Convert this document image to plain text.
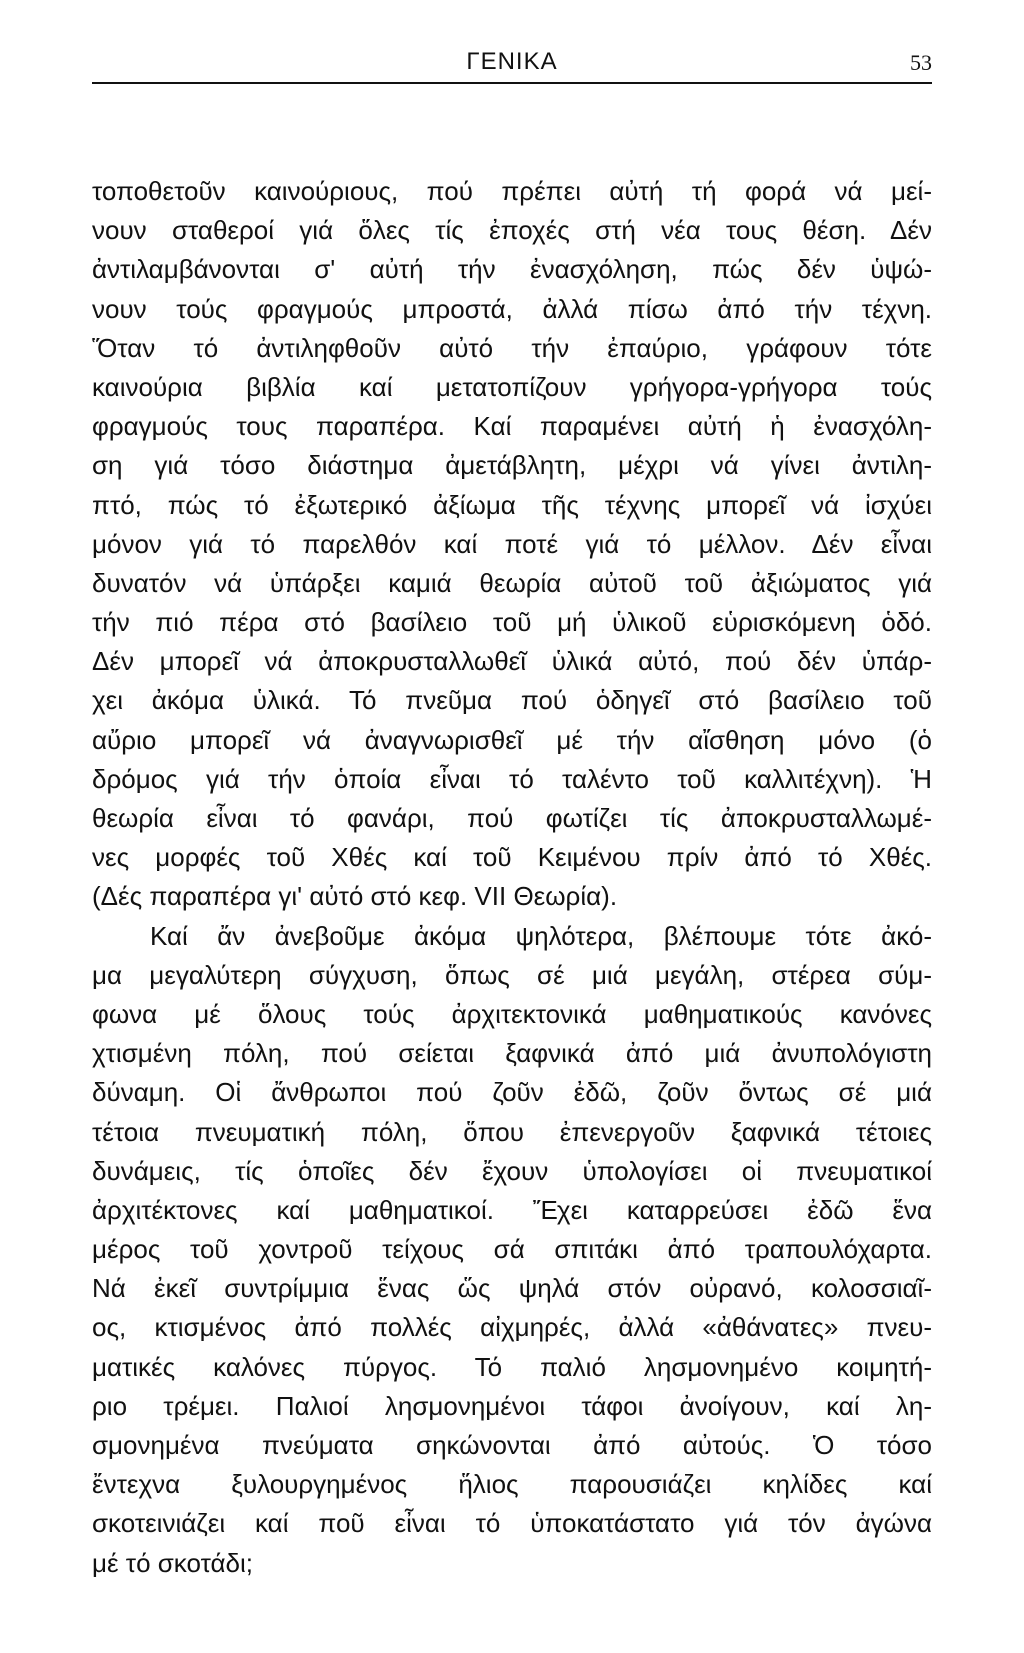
ΓΕΝΙΚΑ	53
τοποθετοῦν καινούριους, πού πρέπει αὐτή τή φορά νά μεί-
νουν σταθεροί γιά ὅλες τίς ἐποχές στή νέα τους θέση. Δέν
ἀντιλαμβάνονται σ' αὐτή τήν ἐνασχόληση, πώς δέν ὑψώ-
νουν τούς φραγμούς μπροστά, ἀλλά πίσω ἀπό τήν τέχνη.
Ὅταν τό ἀντιληφθοῦν αὐτό τήν ἐπαύριο, γράφουν τότε
καινούρια βιβλία καί μετατοπίζουν γρήγορα-γρήγορα τούς
φραγμούς τους παραπέρα. Καί παραμένει αὐτή ἡ ἐνασχόλη-
ση γιά τόσο διάστημα ἀμετάβλητη, μέχρι νά γίνει ἀντιλη-
πτό, πώς τό ἐξωτερικό ἀξίωμα τῆς τέχνης μπορεῖ νά ἰσχύει
μόνον γιά τό παρελθόν καί ποτέ γιά τό μέλλον. Δέν εἶναι
δυνατόν νά ὑπάρξει καμιά θεωρία αὐτοῦ τοῦ ἀξιώματος γιά
τήν πιό πέρα στό βασίλειο τοῦ μή ὑλικοῦ εὑρισκόμενη ὁδό.
Δέν μπορεῖ νά ἀποκρυσταλλωθεῖ ὑλικά αὐτό, πού δέν ὑπάρ-
χει ἀκόμα ὑλικά. Τό πνεῦμα πού ὁδηγεῖ στό βασίλειο τοῦ
αὔριο μπορεῖ νά ἀναγνωρισθεῖ μέ τήν αἴσθηση μόνο (ὁ
δρόμος γιά τήν ὁποία εἶναι τό ταλέντο τοῦ καλλιτέχνη). Ἡ
θεωρία εἶναι τό φανάρι, πού φωτίζει τίς ἀποκρυσταλλωμέ-
νες μορφές τοῦ Χθές καί τοῦ Κειμένου πρίν ἀπό τό Χθές.
(Δές παραπέρα γι' αὐτό στό κεφ. VII Θεωρία).
Καί ἄν ἀνεβοῦμε ἀκόμα ψηλότερα, βλέπουμε τότε ἀκό-
μα μεγαλύτερη σύγχυση, ὅπως σέ μιά μεγάλη, στέρεα σύμ-
φωνα μέ ὅλους τούς ἀρχιτεκτονικά μαθηματικούς κανόνες
χτισμένη πόλη, πού σείεται ξαφνικά ἀπό μιά ἀνυπολόγιστη
δύναμη. Οἱ ἄνθρωποι πού ζοῦν ἐδῶ, ζοῦν ὄντως σέ μιά
τέτοια πνευματική πόλη, ὅπου ἐπενεργοῦν ξαφνικά τέτοιες
δυνάμεις, τίς ὁποῖες δέν ἔχουν ὑπολογίσει οἱ πνευματικοί
ἀρχιτέκτονες καί μαθηματικοί. Ἔχει καταρρεύσει ἐδῶ ἕνα
μέρος τοῦ χοντροῦ τείχους σά σπιτάκι ἀπό τραπουλόχαρτα.
Νά ἐκεῖ συντρίμμια ἕνας ὥς ψηλά στόν οὐρανό, κολοσσιαῖ-
ος, κτισμένος ἀπό πολλές αἰχμηρές, ἀλλά «ἀθάνατες» πνευ-
ματικές καλόνες πύργος. Τό παλιό λησμονημένο κοιμητή-
ριο τρέμει. Παλιοί λησμονημένοι τάφοι ἀνοίγουν, καί λη-
σμονημένα πνεύματα σηκώνονται ἀπό αὐτούς. Ὁ τόσο
ἔντεχνα ξυλουργημένος ἥλιος παρουσιάζει κηλίδες καί
σκοτεινιάζει καί ποῦ εἶναι τό ὑποκατάστατο γιά τόν ἀγώνα
μέ τό σκοτάδι;
